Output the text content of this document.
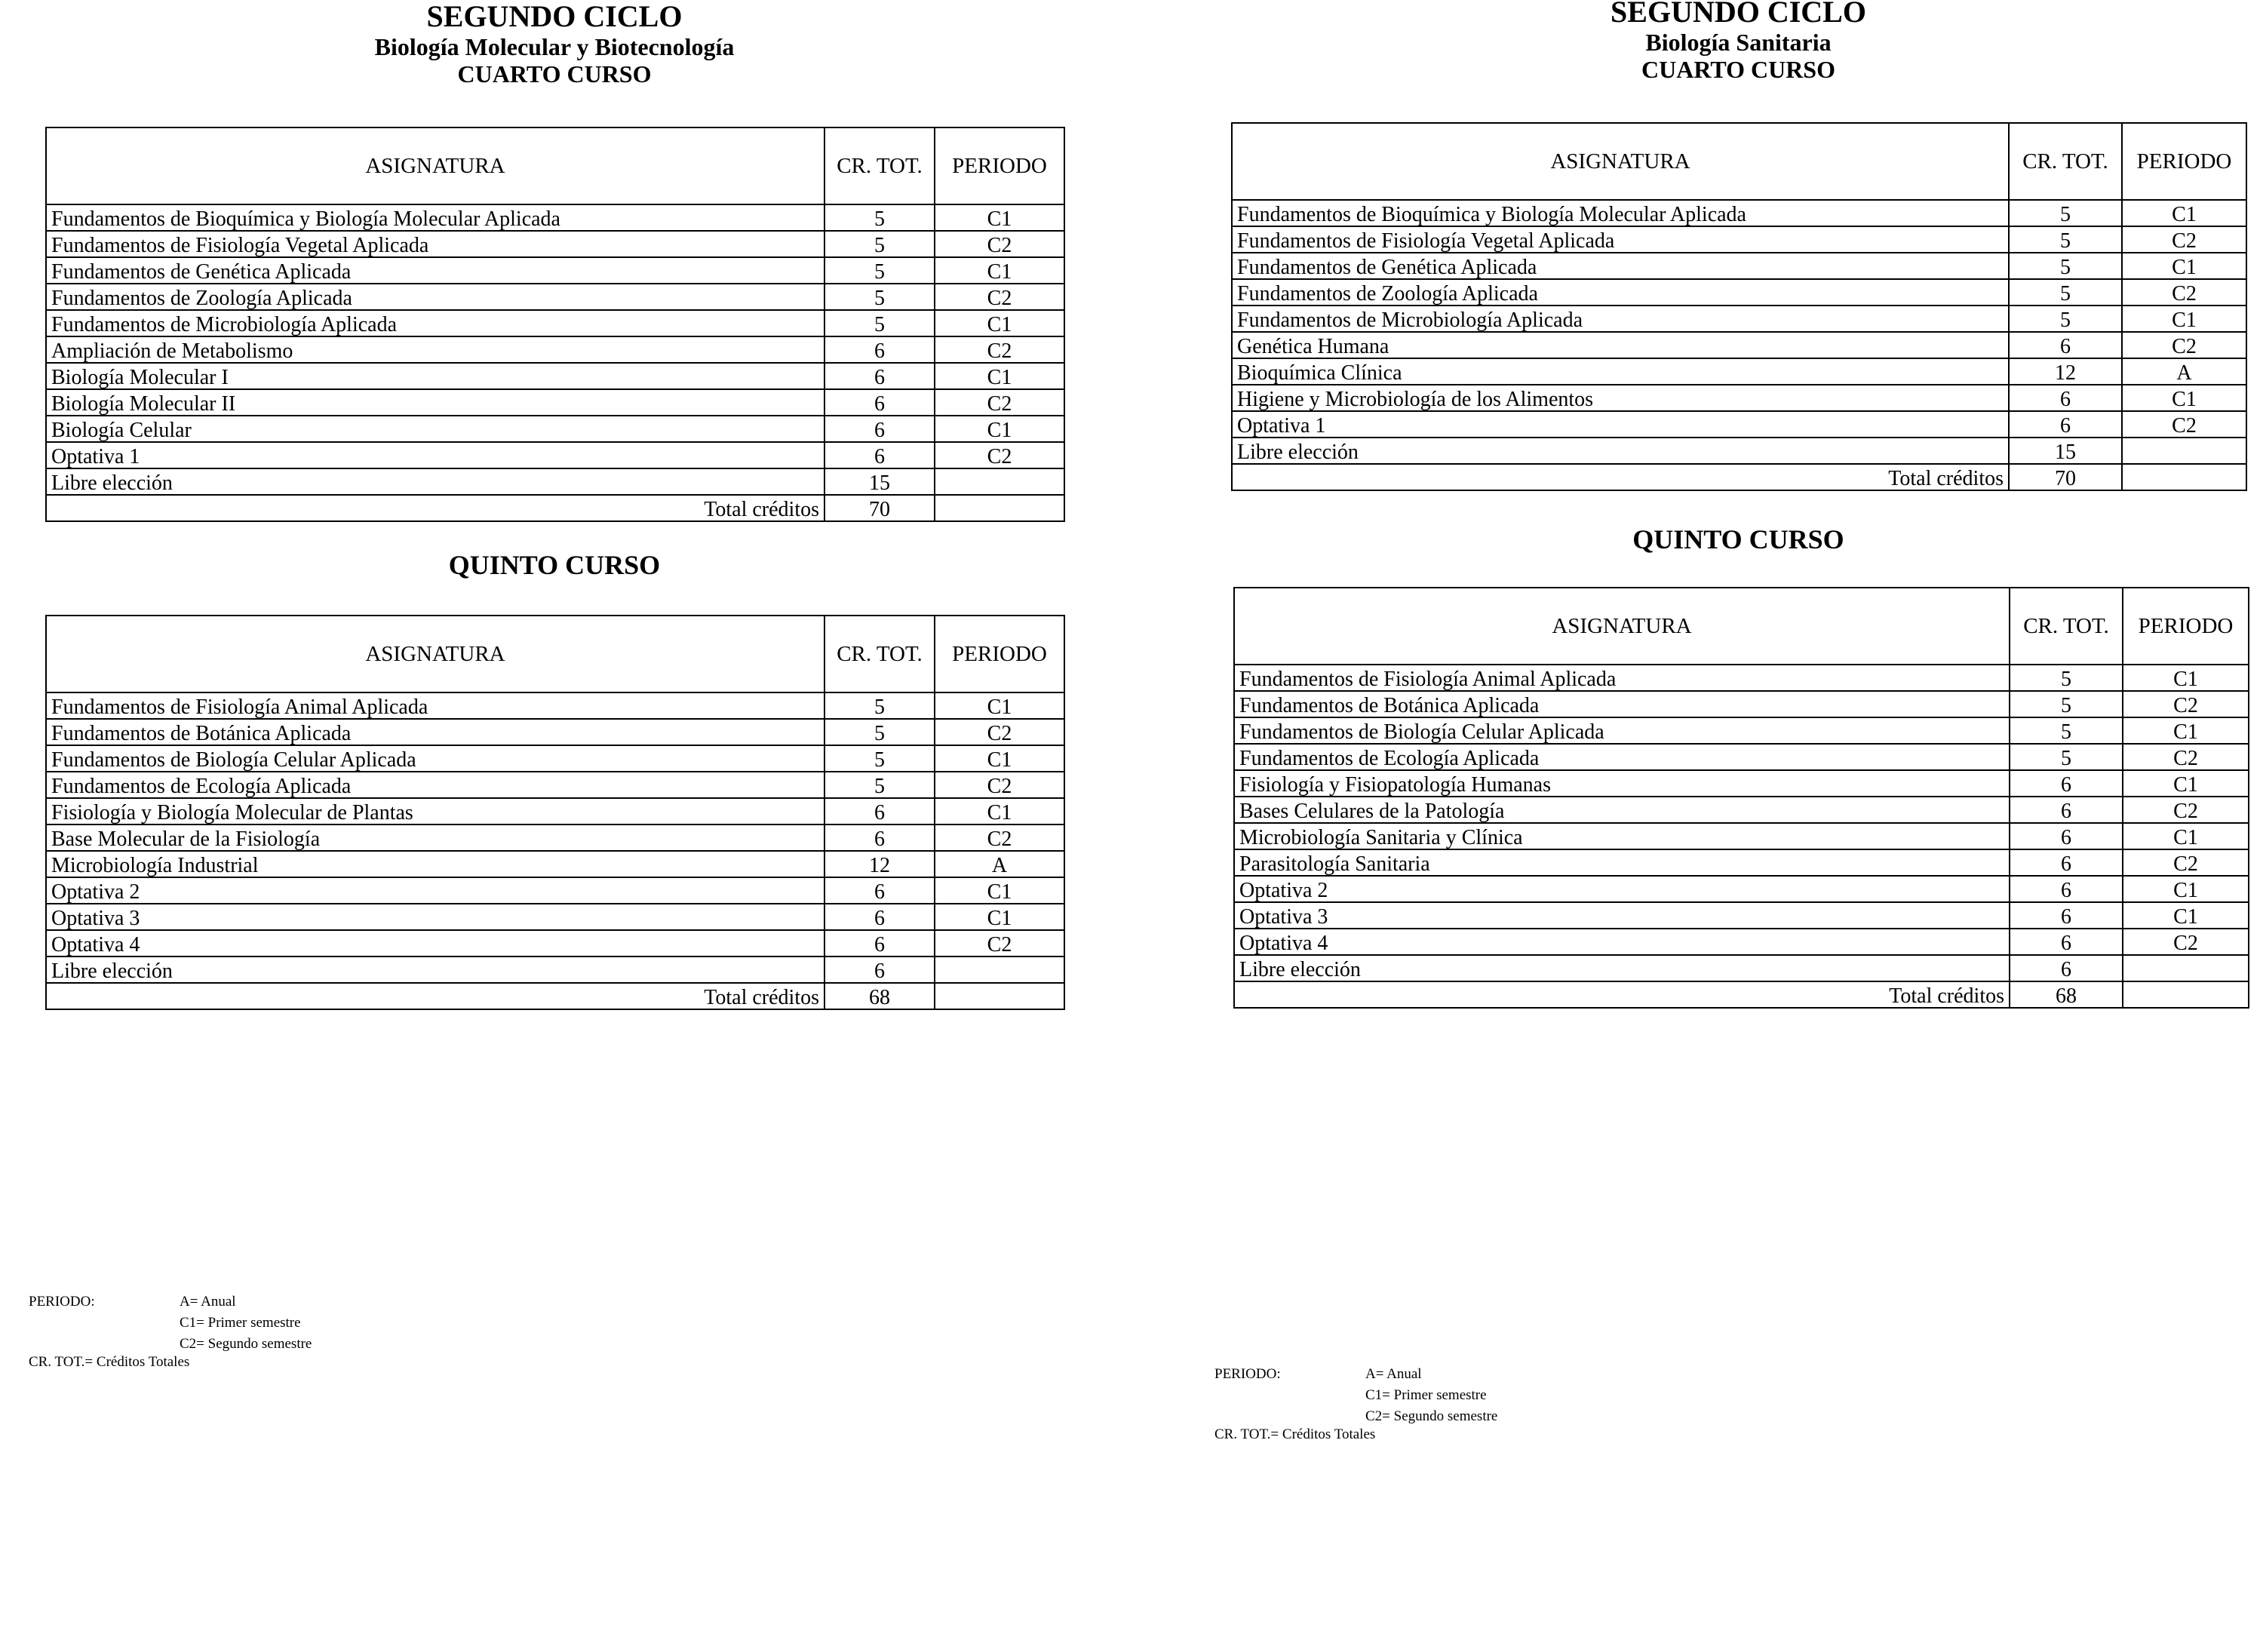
SEGUNDO CICLO
Biología Molecular y Biotecnología
CUARTO CURSO
ASIGNATURA	CR. TOT.	PERIODO
Fundamentos de Bioquímica y Biología Molecular Aplicada	5	C1
Fundamentos de Fisiología Vegetal Aplicada	5	C2
Fundamentos de Genética Aplicada	5	C1
Fundamentos de Zoología Aplicada	5	C2
Fundamentos de Microbiología Aplicada	5	C1
Ampliación de Metabolismo	6	C2
Biología Molecular I	6	C1
Biología Molecular II	6	C2
Biología Celular	6	C1
Optativa 1	6	C2
Libre elección	15	
Total créditos	70	
QUINTO CURSO
ASIGNATURA	CR. TOT.	PERIODO
Fundamentos de Fisiología Animal Aplicada	5	C1
Fundamentos de Botánica Aplicada	5	C2
Fundamentos de Biología Celular Aplicada	5	C1
Fundamentos de Ecología Aplicada	5	C2
Fisiología y Biología Molecular de Plantas	6	C1
Base Molecular de la Fisiología	6	C2
Microbiología Industrial	12	A
Optativa 2	6	C1
Optativa 3	6	C1
Optativa 4	6	C2
Libre elección	6	
Total créditos	68	
PERIODO:	A= Anual
C1= Primer semestre
C2= Segundo semestre
CR. TOT.= Créditos Totales
SEGUNDO CICLO
Biología Sanitaria
CUARTO CURSO
ASIGNATURA	CR. TOT.	PERIODO
Fundamentos de Bioquímica y Biología Molecular Aplicada	5	C1
Fundamentos de Fisiología Vegetal Aplicada	5	C2
Fundamentos de Genética Aplicada	5	C1
Fundamentos de Zoología Aplicada	5	C2
Fundamentos de Microbiología Aplicada	5	C1
Genética Humana	6	C2
Bioquímica Clínica	12	A
Higiene y Microbiología de los Alimentos	6	C1
Optativa 1	6	C2
Libre elección	15	
Total créditos	70	
QUINTO CURSO
ASIGNATURA	CR. TOT.	PERIODO
Fundamentos de Fisiología Animal Aplicada	5	C1
Fundamentos de Botánica Aplicada	5	C2
Fundamentos de Biología Celular Aplicada	5	C1
Fundamentos de Ecología Aplicada	5	C2
Fisiología y Fisiopatología Humanas	6	C1
Bases Celulares de la Patología	6	C2
Microbiología Sanitaria y Clínica	6	C1
Parasitología Sanitaria	6	C2
Optativa 2	6	C1
Optativa 3	6	C1
Optativa 4	6	C2
Libre elección	6	
Total créditos	68	
PERIODO:	A= Anual
C1= Primer semestre
C2= Segundo semestre
CR. TOT.= Créditos Totales
